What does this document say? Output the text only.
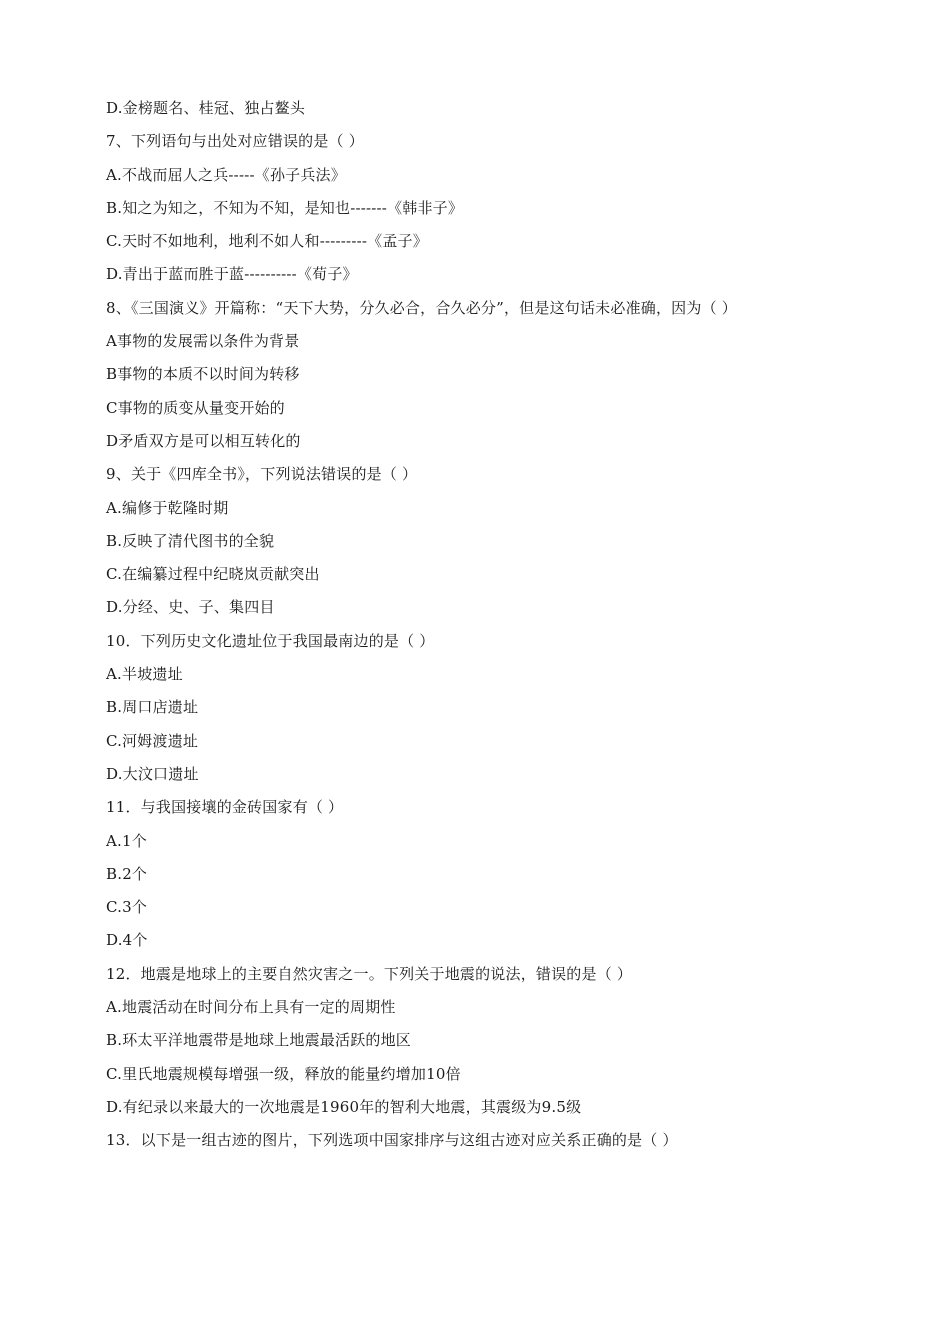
D.金榜题名、桂冠、独占鳌头
7、下列语句与出处对应错误的是（ ）
A.不战而屈人之兵-----《孙子兵法》
B.知之为知之，不知为不知，是知也-------《韩非子》
C.天时不如地利，地利不如人和---------《孟子》
D.青出于蓝而胜于蓝----------《荀子》
8、《三国演义》开篇称：“天下大势，分久必合，合久必分”，但是这句话未必准确，因为（ ）
A事物的发展需以条件为背景
B事物的本质不以时间为转移
C事物的质变从量变开始的
D矛盾双方是可以相互转化的
9、关于《四库全书》，下列说法错误的是（ ）
A.编修于乾隆时期
B.反映了清代图书的全貌
C.在编纂过程中纪晓岚贡献突出
D.分经、史、子、集四目
10．下列历史文化遗址位于我国最南边的是（ ）
A.半坡遗址
B.周口店遗址
C.河姆渡遗址
D.大汶口遗址
11．与我国接壤的金砖国家有（ ）
A.1个
B.2个
C.3个
D.4个
12．地震是地球上的主要自然灾害之一。下列关于地震的说法，错误的是（ ）
A.地震活动在时间分布上具有一定的周期性
B.环太平洋地震带是地球上地震最活跃的地区
C.里氏地震规模每增强一级，释放的能量约增加10倍
D.有纪录以来最大的一次地震是1960年的智利大地震，其震级为9.5级
13．以下是一组古迹的图片，下列选项中国家排序与这组古迹对应关系正确的是（ ）
